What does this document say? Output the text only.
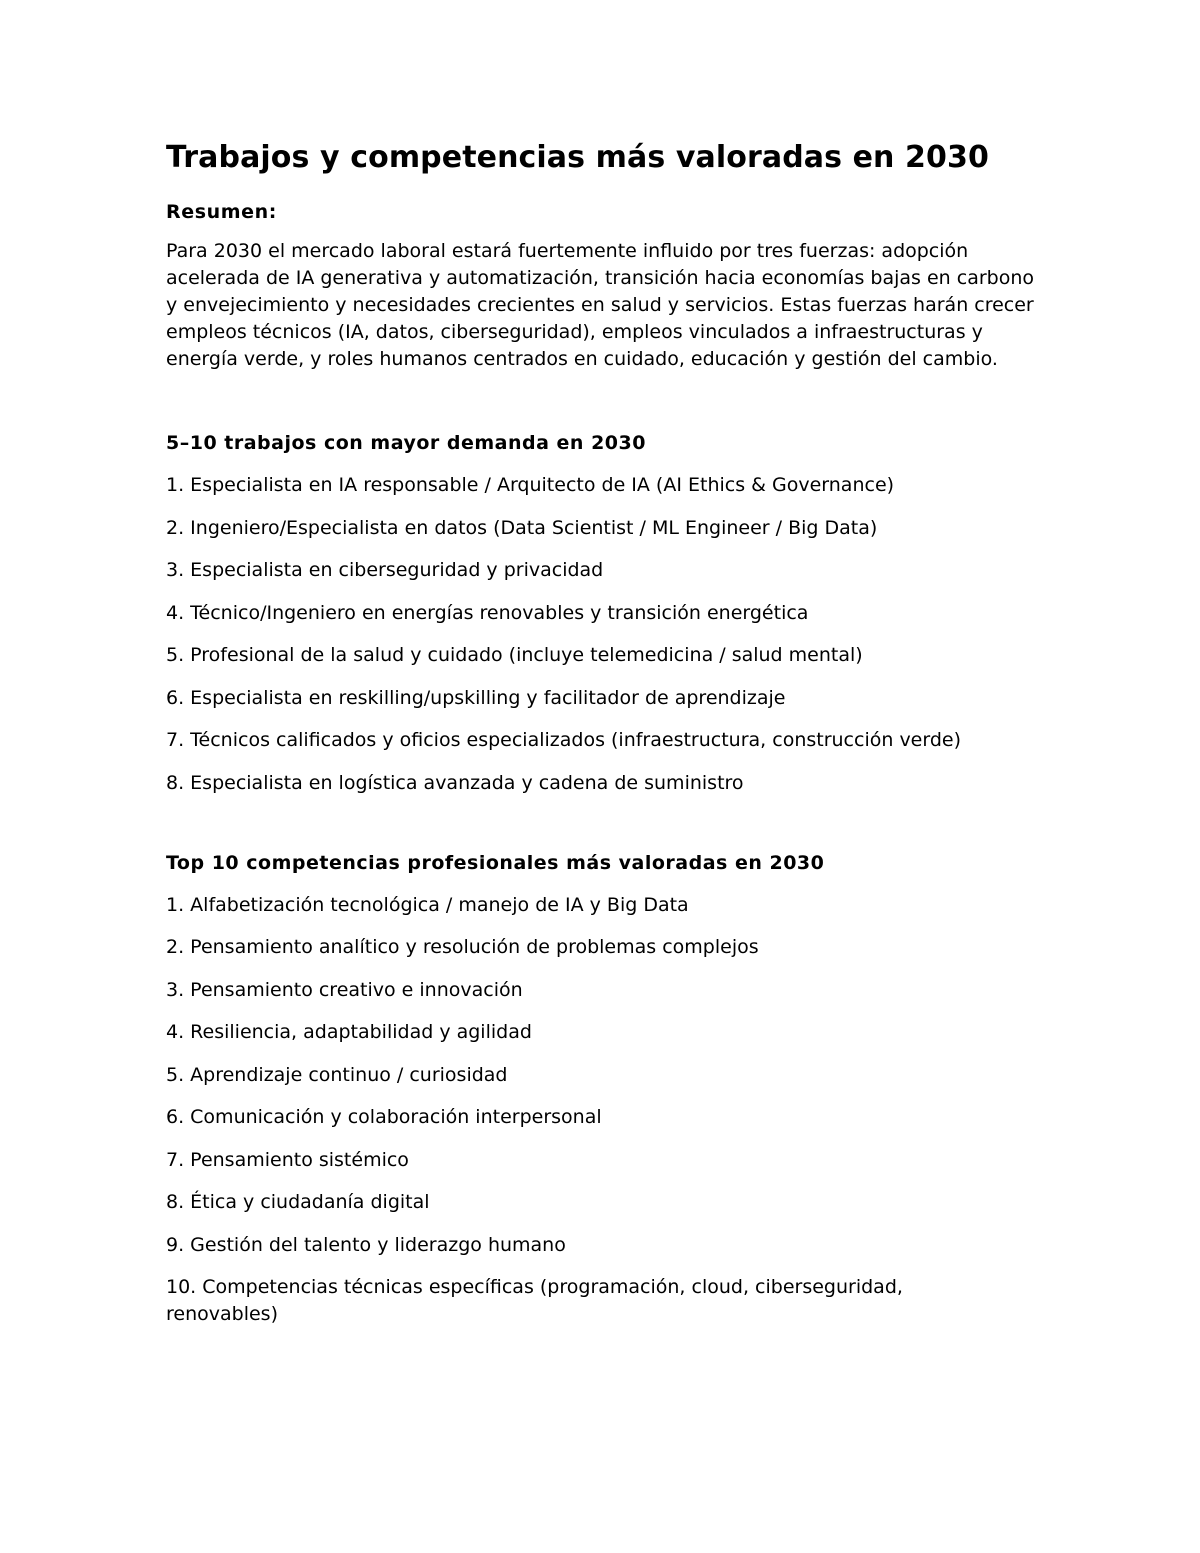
Trabajos y competencias más valoradas en 2030

Resumen:

Para 2030 el mercado laboral estará fuertemente influido por tres fuerzas: adopción acelerada de IA generativa y automatización, transición hacia economías bajas en carbono y envejecimiento y necesidades crecientes en salud y servicios. Estas fuerzas harán crecer empleos técnicos (IA, datos, ciberseguridad), empleos vinculados a infraestructuras y energía verde, y roles humanos centrados en cuidado, educación y gestión del cambio.

5–10 trabajos con mayor demanda en 2030
1. Especialista en IA responsable / Arquitecto de IA (AI Ethics & Governance)
2. Ingeniero/Especialista en datos (Data Scientist / ML Engineer / Big Data)
3. Especialista en ciberseguridad y privacidad
4. Técnico/Ingeniero en energías renovables y transición energética
5. Profesional de la salud y cuidado (incluye telemedicina / salud mental)
6. Especialista en reskilling/upskilling y facilitador de aprendizaje
7. Técnicos calificados y oficios especializados (infraestructura, construcción verde)
8. Especialista en logística avanzada y cadena de suministro
Top 10 competencias profesionales más valoradas en 2030
1. Alfabetización tecnológica / manejo de IA y Big Data
2. Pensamiento analítico y resolución de problemas complejos
3. Pensamiento creativo e innovación
4. Resiliencia, adaptabilidad y agilidad
5. Aprendizaje continuo / curiosidad
6. Comunicación y colaboración interpersonal
7. Pensamiento sistémico
8. Ética y ciudadanía digital
9. Gestión del talento y liderazgo humano
10. Competencias técnicas específicas (programación, cloud, ciberseguridad, renovables)
